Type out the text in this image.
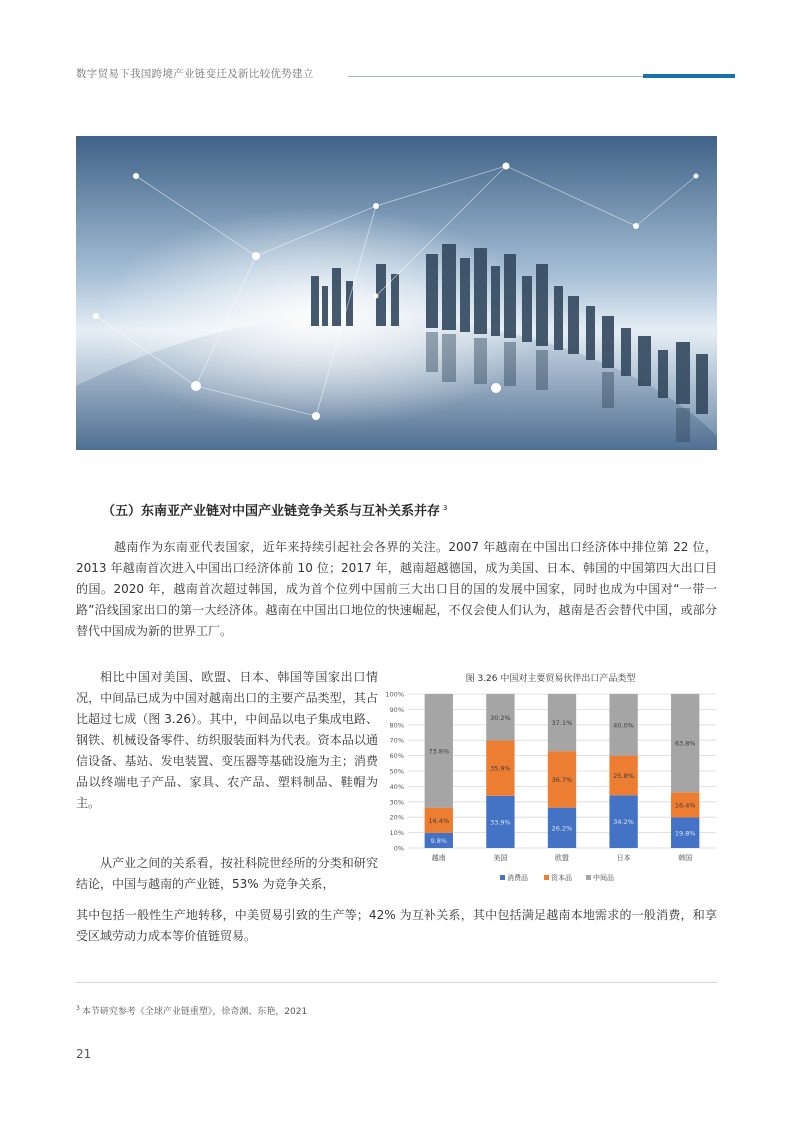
数字贸易下我国跨境产业链变迁及新比较优势建立
（五）东南亚产业链对中国产业链竞争关系与互补关系并存 $^3$

越南作为东南亚代表国家，近年来持续引起社会各界的关注。2007 年越南在中国出口经济体中排位第 22 位，2013 年越南首次进入中国出口经济体前 10 位；2017 年，越南超越德国，成为美国、日本、韩国的中国第四大出口目的国。2020 年，越南首次超过韩国，成为首个位列中国前三大出口目的国的发展中国家，同时也成为中国对“一带一路”沿线国家出口的第一大经济体。越南在中国出口地位的快速崛起，不仅会使人们认为，越南是否会替代中国，或部分替代中国成为新的世界工厂。

相比中国对美国、欧盟、日本、韩国等国家出口情况，中间品已成为中国对越南出口的主要产品类型，其占比超过七成（图 3.26）。其中，中间品以电子集成电路、钢铁、机械设备零件、纺织服装面料为代表。资本品以通信设备、基站、发电装置、变压器等基础设施为主；消费品以终端电子产品、家具、农产品、塑料制品、鞋帽为主。

图 3.26 中国对主要贸易伙伴出口产品类型
0%
10%
20%
30%
40%
50%
60%
70%
80%
90%
100%
9.8%
16.4%
73.8%
越南
33.9%
35.9%
30.2%
美国
26.2%
36.7%
37.1%
欧盟
34.2%
25.8%
40.0%
日本
19.8%
16.4%
63.8%
韩国
消费品	资本品	中间品

从产业之间的关系看，按社科院世经所的分类和研究结论，中国与越南的产业链，53% 为竞争关系，

其中包括一般性生产地转移，中美贸易引致的生产等；42% 为互补关系，其中包括满足越南本地需求的一般消费，和享受区域劳动力成本等价值链贸易。

$^3$ 本节研究参考《全球产业链重塑》，徐奇渊、东艳，2021
21
